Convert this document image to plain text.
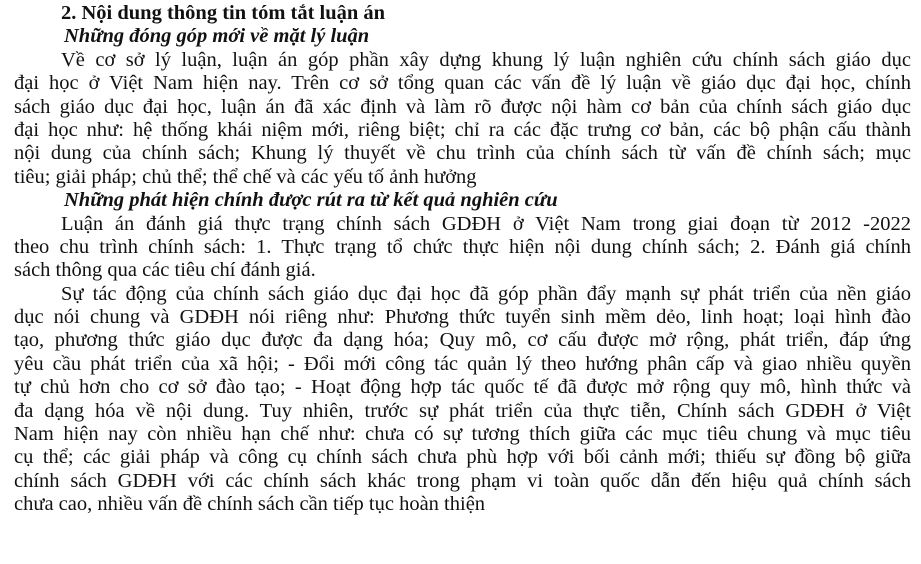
2. Nội dung thông tin tóm tắt luận án
Những đóng góp mới về mặt lý luận
Về cơ sở lý luận, luận án góp phần xây dựng khung lý luận nghiên cứu chính sách giáo dục
đại học ở Việt Nam hiện nay. Trên cơ sở tổng quan các vấn đề lý luận về giáo dục đại học, chính
sách giáo dục đại học, luận án đã xác định và làm rõ được nội hàm cơ bản của chính sách giáo dục
đại học như: hệ thống khái niệm mới, riêng biệt; chỉ ra các đặc trưng cơ bản, các bộ phận cấu thành
nội dung của chính sách; Khung lý thuyết về chu trình của chính sách từ vấn đề chính sách; mục
tiêu; giải pháp; chủ thể; thể chế và các yếu tố ảnh hưởng
Những phát hiện chính được rút ra từ kết quả nghiên cứu
Luận án đánh giá thực trạng chính sách GDĐH ở Việt Nam trong giai đoạn từ 2012 -2022
theo chu trình chính sách: 1. Thực trạng tổ chức thực hiện nội dung chính sách; 2. Đánh giá chính
sách thông qua các tiêu chí đánh giá.
Sự tác động của chính sách giáo dục đại học đã góp phần đẩy mạnh sự phát triển của nền giáo
dục nói chung và GDĐH nói riêng như: Phương thức tuyển sinh mềm dẻo, linh hoạt; loại hình đào
tạo, phương thức giáo dục được đa dạng hóa; Quy mô, cơ cấu được mở rộng, phát triển, đáp ứng
yêu cầu phát triển của xã hội; - Đổi mới công tác quản lý theo hướng phân cấp và giao nhiều quyền
tự chủ hơn cho cơ sở đào tạo; - Hoạt động hợp tác quốc tế đã được mở rộng quy mô, hình thức và
đa dạng hóa về nội dung. Tuy nhiên, trước sự phát triển của thực tiễn, Chính sách GDĐH ở Việt
Nam hiện nay còn nhiều hạn chế như: chưa có sự tương thích giữa các mục tiêu chung và mục tiêu
cụ thể; các giải pháp và công cụ chính sách chưa phù hợp với bối cảnh mới; thiếu sự đồng bộ giữa
chính sách GDĐH với các chính sách khác trong phạm vi toàn quốc dẫn đến hiệu quả chính sách
chưa cao, nhiều vấn đề chính sách cần tiếp tục hoàn thiện
